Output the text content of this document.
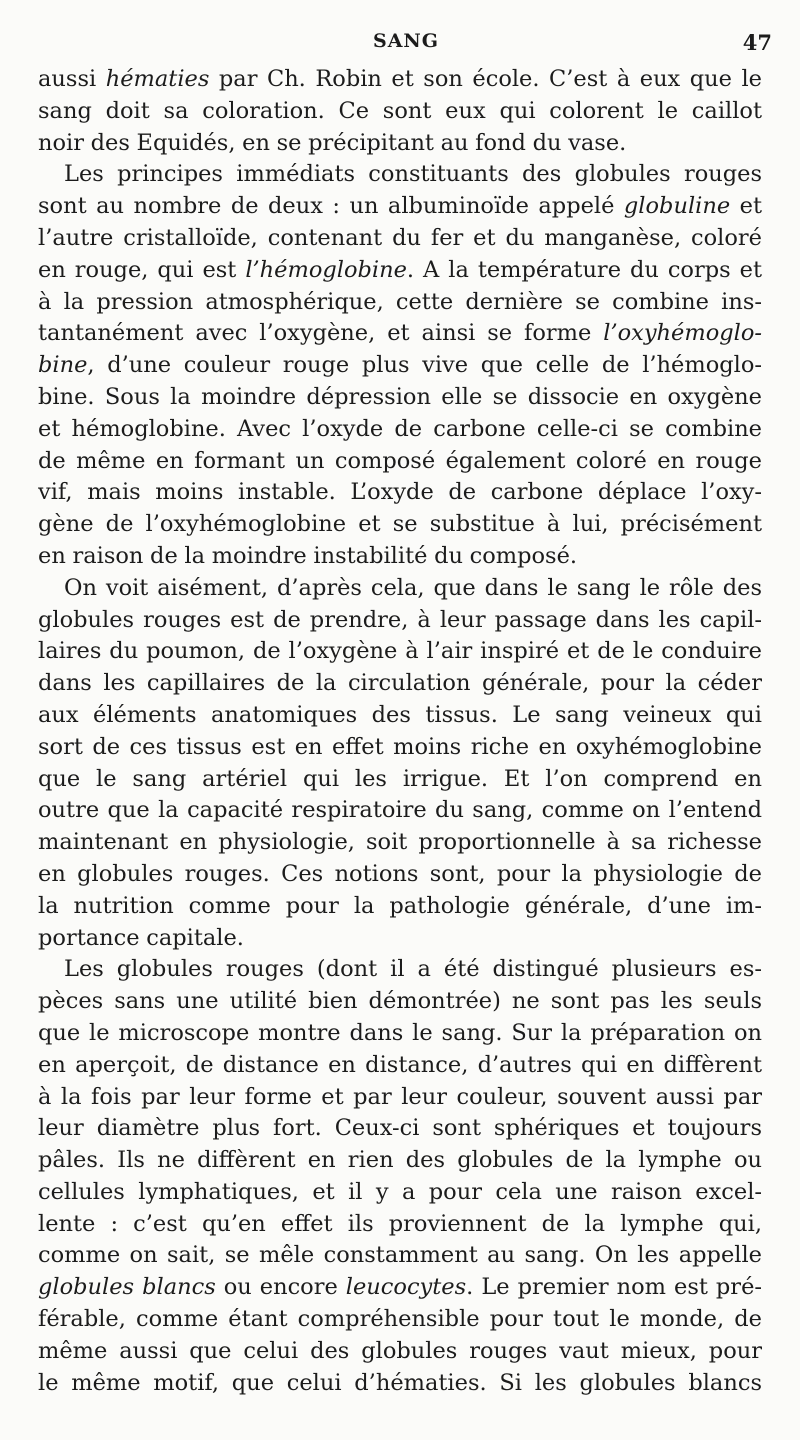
SANG	47
aussi hématies par Ch. Robin et son école. C’est à eux que le
sang doit sa coloration. Ce sont eux qui colorent le caillot
noir des Equidés, en se précipitant au fond du vase.
Les principes immédiats constituants des globules rouges
sont au nombre de deux : un albuminoïde appelé globuline et
l’autre cristalloïde, contenant du fer et du manganèse, coloré
en rouge, qui est l’hémoglobine. A la température du corps et
à la pression atmosphérique, cette dernière se combine ins-
tantanément avec l’oxygène, et ainsi se forme l’oxyhémoglo-
bine, d’une couleur rouge plus vive que celle de l’hémoglo-
bine. Sous la moindre dépression elle se dissocie en oxygène
et hémoglobine. Avec l’oxyde de carbone celle-ci se combine
de même en formant un composé également coloré en rouge
vif, mais moins instable. L’oxyde de carbone déplace l’oxy-
gène de l’oxyhémoglobine et se substitue à lui, précisément
en raison de la moindre instabilité du composé.
On voit aisément, d’après cela, que dans le sang le rôle des
globules rouges est de prendre, à leur passage dans les capil-
laires du poumon, de l’oxygène à l’air inspiré et de le conduire
dans les capillaires de la circulation générale, pour la céder
aux éléments anatomiques des tissus. Le sang veineux qui
sort de ces tissus est en effet moins riche en oxyhémoglobine
que le sang artériel qui les irrigue. Et l’on comprend en
outre que la capacité respiratoire du sang, comme on l’entend
maintenant en physiologie, soit proportionnelle à sa richesse
en globules rouges. Ces notions sont, pour la physiologie de
la nutrition comme pour la pathologie générale, d’une im-
portance capitale.
Les globules rouges (dont il a été distingué plusieurs es-
pèces sans une utilité bien démontrée) ne sont pas les seuls
que le microscope montre dans le sang. Sur la préparation on
en aperçoit, de distance en distance, d’autres qui en diffèrent
à la fois par leur forme et par leur couleur, souvent aussi par
leur diamètre plus fort. Ceux-ci sont sphériques et toujours
pâles. Ils ne diffèrent en rien des globules de la lymphe ou
cellules lymphatiques, et il y a pour cela une raison excel-
lente : c’est qu’en effet ils proviennent de la lymphe qui,
comme on sait, se mêle constamment au sang. On les appelle
globules blancs ou encore leucocytes. Le premier nom est pré-
férable, comme étant compréhensible pour tout le monde, de
même aussi que celui des globules rouges vaut mieux, pour
le même motif, que celui d’hématies. Si les globules blancs
